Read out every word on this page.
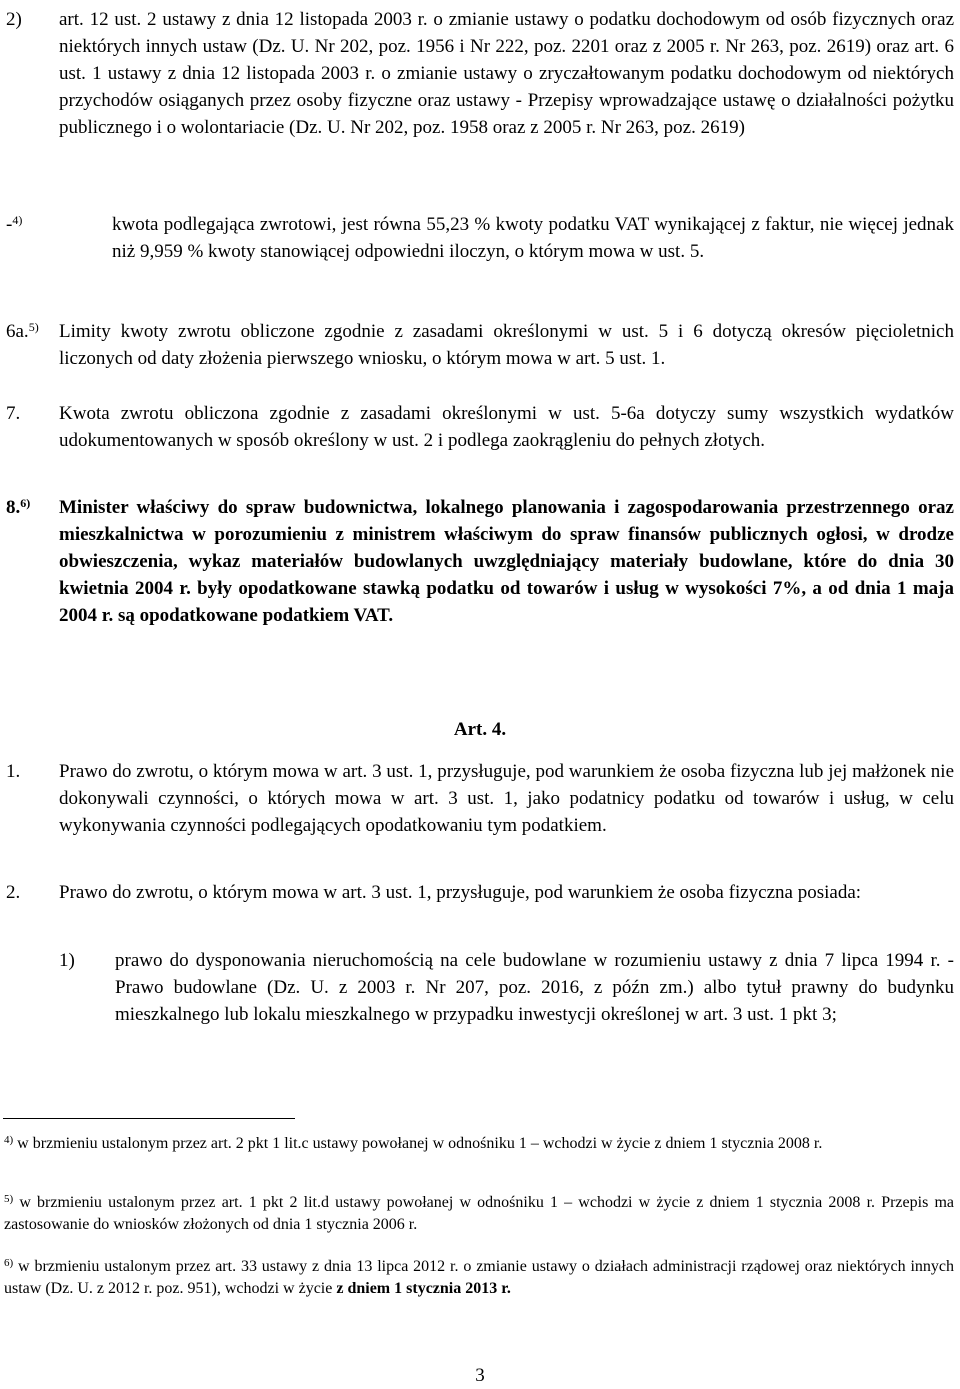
2)	art. 12 ust. 2 ustawy z dnia 12 listopada 2003 r. o zmianie ustawy o podatku dochodowym od osób fizycznych oraz niektórych innych ustaw (Dz. U. Nr 202, poz. 1956 i Nr 222, poz. 2201 oraz z 2005 r. Nr 263, poz. 2619) oraz art. 6 ust. 1 ustawy z dnia 12 listopada 2003 r. o zmianie ustawy o zryczałtowanym podatku dochodowym od niektórych przychodów osiąganych przez osoby fizyczne oraz ustawy - Przepisy wprowadzające ustawę o działalności pożytku publicznego i o wolontariacie (Dz. U. Nr 202, poz. 1958 oraz z 2005 r. Nr 263, poz. 2619)
-$^{4)}$	kwota podlegająca zwrotowi, jest równa 55,23 % kwoty podatku VAT wynikającej z faktur, nie więcej jednak niż 9,959 % kwoty stanowiącej odpowiedni iloczyn, o którym mowa w ust. 5.
6a.$^{5)}$	Limity kwoty zwrotu obliczone zgodnie z zasadami określonymi w ust. 5 i 6 dotyczą okresów pięcioletnich liczonych od daty złożenia pierwszego wniosku, o którym mowa w art. 5 ust. 1.
7.	Kwota zwrotu obliczona zgodnie z zasadami określonymi w ust. 5-6a dotyczy sumy wszystkich wydatków udokumentowanych w sposób określony w ust. 2 i podlega zaokrągleniu do pełnych złotych.
8.$^{6)}$	Minister właściwy do spraw budownictwa, lokalnego planowania i zagospodarowania przestrzennego oraz mieszkalnictwa w porozumieniu z ministrem właściwym do spraw finansów publicznych ogłosi, w drodze obwieszczenia, wykaz materiałów budowlanych uwzględniający materiały budowlane, które do dnia 30 kwietnia 2004 r. były opodatkowane stawką podatku od towarów i usług w wysokości 7%, a od dnia 1 maja 2004 r. są opodatkowane podatkiem VAT.
Art. 4.
1.	Prawo do zwrotu, o którym mowa w art. 3 ust. 1, przysługuje, pod warunkiem że osoba fizyczna lub jej małżonek nie dokonywali czynności, o których mowa w art. 3 ust. 1, jako podatnicy podatku od towarów i usług, w celu wykonywania czynności podlegających opodatkowaniu tym podatkiem.
2.	Prawo do zwrotu, o którym mowa w art. 3 ust. 1, przysługuje, pod warunkiem że osoba fizyczna posiada:
1)	prawo do dysponowania nieruchomością na cele budowlane w rozumieniu ustawy z dnia 7 lipca 1994 r. - Prawo budowlane (Dz. U. z 2003 r. Nr 207, poz. 2016, z późn zm.) albo tytuł prawny do budynku mieszkalnego lub lokalu mieszkalnego w przypadku inwestycji określonej w art. 3 ust. 1 pkt 3;
$^{4)}$ w brzmieniu ustalonym przez art. 2 pkt 1 lit.c ustawy powołanej w odnośniku 1 – wchodzi w życie z dniem 1 stycznia 2008 r.
$^{5)}$ w brzmieniu ustalonym przez art. 1 pkt 2 lit.d ustawy powołanej w odnośniku 1 – wchodzi w życie z dniem 1 stycznia 2008 r. Przepis ma zastosowanie do wniosków złożonych od dnia 1 stycznia 2006 r.
$^{6)}$ w brzmieniu ustalonym przez art. 33 ustawy z dnia 13 lipca 2012 r. o zmianie ustawy o działach administracji rządowej oraz niektórych innych ustaw (Dz. U. z 2012 r. poz. 951), wchodzi w życie z dniem 1 stycznia 2013 r.
3
